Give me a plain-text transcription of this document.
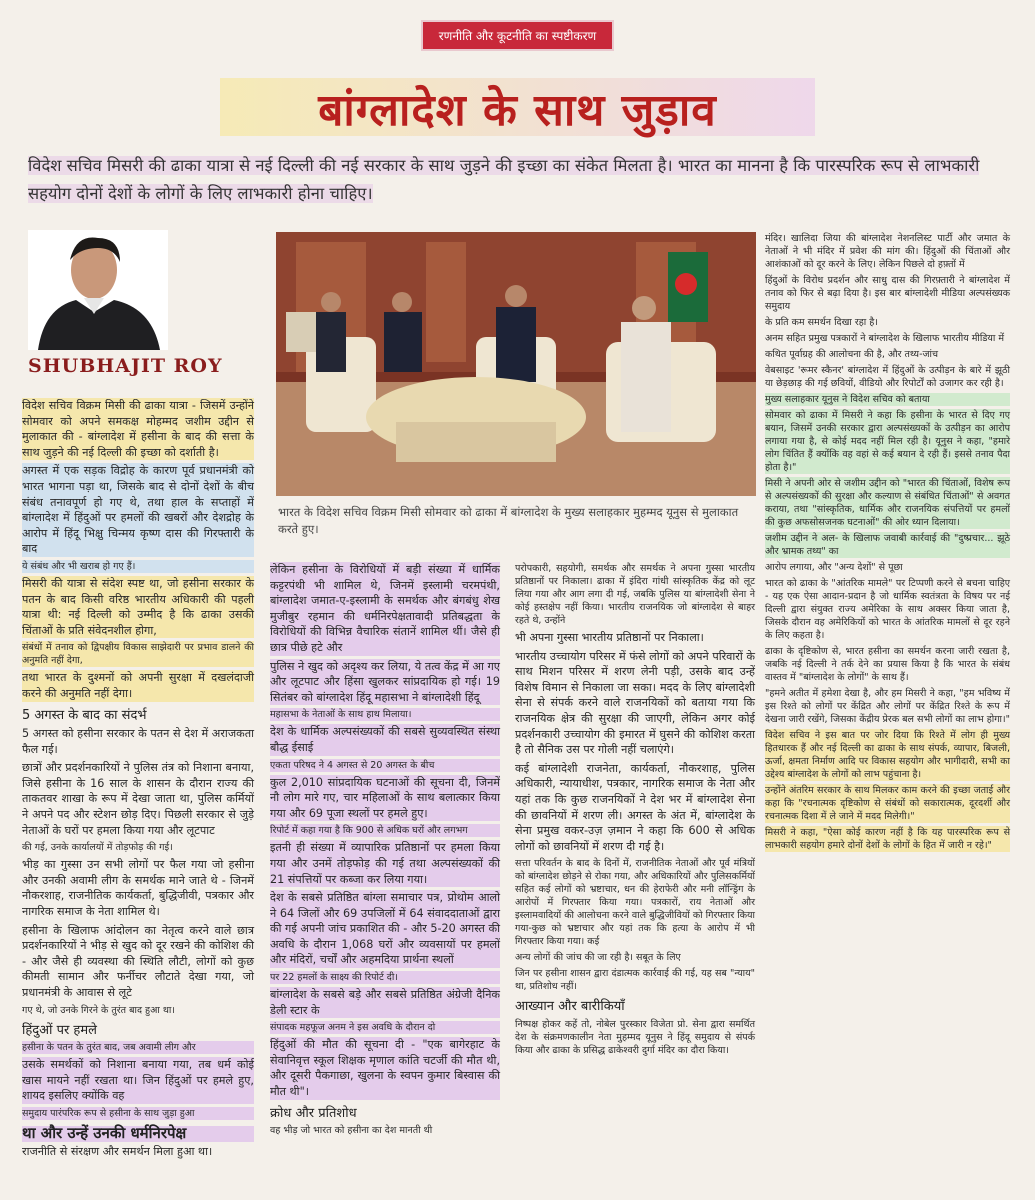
रणनीति और कूटनीति का स्पष्टीकरण
बांग्लादेश के साथ जुड़ाव
विदेश सचिव मिसरी की ढाका यात्रा से नई दिल्ली की नई सरकार के साथ जुड़ने की इच्छा का संकेत मिलता है। भारत का मानना है कि पारस्परिक रूप से लाभकारी सहयोग दोनों देशों के लोगों के लिए लाभकारी होना चाहिए।
SHUBHAJIT ROY
भारत के विदेश सचिव विक्रम मिसी सोमवार को ढाका में बांग्लादेश के मुख्य सलाहकार मुहम्मद यूनुस से मुलाकात करते हुए।

विदेश सचिव विक्रम मिसी की ढाका यात्रा - जिसमें उन्होंने सोमवार को अपने समकक्ष मोहम्मद जशीम उद्दीन से मुलाकात की - बांग्लादेश में हसीना के बाद की सत्ता के साथ जुड़ने की नई दिल्ली की इच्छा को दर्शाती है।

अगस्त में एक सड़क विद्रोह के कारण पूर्व प्रधानमंत्री को भारत भागना पड़ा था, जिसके बाद से दोनों देशों के बीच संबंध तनावपूर्ण हो गए थे, तथा हाल के सप्ताहों में बांग्लादेश में हिंदुओं पर हमलों की खबरों और देशद्रोह के आरोप में हिंदू भिक्षु चिन्मय कृष्ण दास की गिरफ्तारी के बाद

ये संबंध और भी खराब हो गए हैं।

मिसरी की यात्रा से संदेश स्पष्ट था, जो हसीना सरकार के पतन के बाद किसी वरिष्ठ भारतीय अधिकारी की पहली यात्रा थी: नई दिल्ली को उम्मीद है कि ढाका उसकी चिंताओं के प्रति संवेदनशील होगा,

संबंधों में तनाव को द्विपक्षीय विकास साझेदारी पर प्रभाव डालने की अनुमति नहीं देगा,

तथा भारत के दुश्मनों को अपनी सुरक्षा में दखलंदाजी करने की अनुमति नहीं देगा।

5 अगस्त के बाद का संदर्भ

5 अगस्त को हसीना सरकार के पतन से देश में अराजकता फैल गई।

छात्रों और प्रदर्शनकारियों ने पुलिस तंत्र को निशाना बनाया, जिसे हसीना के 16 साल के शासन के दौरान राज्य की ताकतवर शाखा के रूप में देखा जाता था, पुलिस कर्मियों ने अपने पद और स्टेशन छोड़ दिए। पिछली सरकार से जुड़े नेताओं के घरों पर हमला किया गया और लूटपाट

की गई, उनके कार्यालयों में तोड़फोड़ की गई।

भीड़ का गुस्सा उन सभी लोगों पर फैल गया जो हसीना और उनकी अवामी लीग के समर्थक माने जाते थे - जिनमें नौकरशाह, राजनीतिक कार्यकर्ता, बुद्धिजीवी, पत्रकार और नागरिक समाज के नेता शामिल थे।

हसीना के खिलाफ आंदोलन का नेतृत्व करने वाले छात्र प्रदर्शनकारियों ने भीड़ से खुद को दूर रखने की कोशिश की - और जैसे ही व्यवस्था की स्थिति लौटी, लोगों को कुछ कीमती सामान और फर्नीचर लौटाते देखा गया, जो प्रधानमंत्री के आवास से लूटे

गए थे, जो उनके गिरने के तुरंत बाद हुआ था।

हिंदुओं पर हमले

हसीना के पतन के तुरंत बाद, जब अवामी लीग और

उसके समर्थकों को निशाना बनाया गया, तब धर्म कोई खास मायने नहीं रखता था। जिन हिंदुओं पर हमले हुए, शायद इसलिए क्योंकि वह

समुदाय पारंपरिक रूप से हसीना के साथ जुड़ा हुआ

था और उन्हें उनकी धर्मनिरपेक्ष

राजनीति से संरक्षण और समर्थन मिला हुआ था।

लेकिन हसीना के विरोधियों में बड़ी संख्या में धार्मिक कट्टरपंथी भी शामिल थे, जिनमें इस्लामी चरमपंथी, बांग्लादेश जमात-ए-इस्लामी के समर्थक और बंगबंधु शेख मुजीबुर रहमान की धर्मनिरपेक्षतावादी प्रतिबद्धता के विरोधियों की विभिन्न वैचारिक संतानें शामिल थीं। जैसे ही छात्र पीछे हटे और

पुलिस ने खुद को अदृश्य कर लिया, ये तत्व केंद्र में आ गए और लूटपाट और हिंसा खुलकर सांप्रदायिक हो गई। 19 सितंबर को बांग्लादेश हिंदू महासभा ने बांग्लादेशी हिंदू

महासभा के नेताओं के साथ हाथ मिलाया।

देश के धार्मिक अल्पसंख्यकों की सबसे सुव्यवस्थित संस्था बौद्ध ईसाई

एकता परिषद ने 4 अगस्त से 20 अगस्त के बीच

कुल 2,010 सांप्रदायिक घटनाओं की सूचना दी, जिनमें नौ लोग मारे गए, चार महिलाओं के साथ बलात्कार किया गया और 69 पूजा स्थलों पर हमले हुए।

रिपोर्ट में कहा गया है कि 900 से अधिक घरों और लगभग

इतनी ही संख्या में व्यापारिक प्रतिष्ठानों पर हमला किया गया और उनमें तोड़फोड़ की गई तथा अल्पसंख्यकों की 21 संपत्तियों पर कब्जा कर लिया गया।

देश के सबसे प्रतिष्ठित बांग्ला समाचार पत्र, प्रोथोम आलो ने 64 जिलों और 69 उपजिलों में 64 संवाददाताओं द्वारा की गई अपनी जांच प्रकाशित की - और 5-20 अगस्त की अवधि के दौरान 1,068 घरों और व्यवसायों पर हमलों और मंदिरों, चर्चों और अहमदिया प्रार्थना स्थलों

पर 22 हमलों के साक्ष्य की रिपोर्ट दी।

बांग्लादेश के सबसे बड़े और सबसे प्रतिष्ठित अंग्रेजी दैनिक डेली स्टार के

संपादक महफूज अनम ने इस अवधि के दौरान दो

हिंदुओं की मौत की सूचना दी - "एक बागेरहाट के सेवानिवृत्त स्कूल शिक्षक मृणाल कांति चटर्जी की मौत थी, और दूसरी पैकगाछा, खुलना के स्वपन कुमार बिस्वास की मौत थी"।

क्रोध और प्रतिशोध

वह भीड़ जो भारत को हसीना का देश मानती थी

परोपकारी, सहयोगी, समर्थक और समर्थक ने अपना गुस्सा भारतीय प्रतिष्ठानों पर निकाला। ढाका में इंदिरा गांधी सांस्कृतिक केंद्र को लूट लिया गया और आग लगा दी गई, जबकि पुलिस या बांग्लादेशी सेना ने कोई हस्तक्षेप नहीं किया। भारतीय राजनयिक जो बांग्लादेश से बाहर रहते थे, उन्होंने

भी अपना गुस्सा भारतीय प्रतिष्ठानों पर निकाला।

भारतीय उच्चायोग परिसर में फंसे लोगों को अपने परिवारों के साथ मिशन परिसर में शरण लेनी पड़ी, उसके बाद उन्हें विशेष विमान से निकाला जा सका। मदद के लिए बांग्लादेशी सेना से संपर्क करने वाले राजनयिकों को बताया गया कि राजनयिक क्षेत्र की सुरक्षा की जाएगी, लेकिन अगर कोई प्रदर्शनकारी उच्चायोग की इमारत में घुसने की कोशिश करता है तो सैनिक उस पर गोली नहीं चलाएंगे।

कई बांग्लादेशी राजनेता, कार्यकर्ता, नौकरशाह, पुलिस अधिकारी, न्यायाधीश, पत्रकार, नागरिक समाज के नेता और यहां तक कि कुछ राजनयिकों ने देश भर में बांग्लादेश सेना की छावनियों में शरण ली। अगस्त के अंत में, बांग्लादेश के सेना प्रमुख वकर-उज़ ज़मान ने कहा कि 600 से अधिक लोगों को छावनियों में शरण दी गई है।

सत्ता परिवर्तन के बाद के दिनों में, राजनीतिक नेताओं और पूर्व मंत्रियों को बांग्लादेश छोड़ने से रोका गया, और अधिकारियों और पुलिसकर्मियों सहित कई लोगों को भ्रष्टाचार, धन की हेराफेरी और मनी लॉन्ड्रिंग के आरोपों में गिरफ्तार किया गया। पत्रकारों, राय नेताओं और इस्लामवादियों की आलोचना करने वाले बुद्धिजीवियों को गिरफ्तार किया गया-कुछ को भ्रष्टाचार और यहां तक कि हत्या के आरोप में भी गिरफ्तार किया गया। कई

अन्य लोगों की जांच की जा रही है। सबूत के लिए

जिन पर हसीना शासन द्वारा दंडात्मक कार्रवाई की गई, यह सब "न्याय" था, प्रतिशोध नहीं।

आख्यान और बारीकियाँ

निष्पक्ष होकर कहें तो, नोबेल पुरस्कार विजेता प्रो. सेना द्वारा समर्थित देश के संक्रमणकालीन नेता मुहम्मद यूनुस ने हिंदू समुदाय से संपर्क किया और ढाका के प्रसिद्ध ढाकेश्वरी दुर्गा मंदिर का दौरा किया।

मंदिर। खालिदा जिया की बांग्लादेश नेशनलिस्ट पार्टी और जमात के नेताओं ने भी मंदिर में प्रवेश की मांग की। हिंदुओं की चिंताओं और आशंकाओं को दूर करने के लिए। लेकिन पिछले दो हफ़्तों में

हिंदुओं के विरोध प्रदर्शन और साधु दास की गिरफ़्तारी ने बांग्लादेश में तनाव को फिर से बढ़ा दिया है। इस बार बांग्लादेशी मीडिया अल्पसंख्यक समुदाय

के प्रति कम समर्थन दिखा रहा है।

अनम सहित प्रमुख पत्रकारों ने बांग्लादेश के खिलाफ भारतीय मीडिया में

कथित पूर्वाग्रह की आलोचना की है, और तथ्य-जांच

वेबसाइट 'रूमर स्कैनर' बांग्लादेश में हिंदुओं के उत्पीड़न के बारे में झूठी या छेड़छाड़ की गई छवियों, वीडियो और रिपोर्टों को उजागर कर रही है।

मुख्य सलाहकार यूनुस ने विदेश सचिव को बताया

सोमवार को ढाका में मिसरी ने कहा कि हसीना के भारत से दिए गए बयान, जिसमें उनकी सरकार द्वारा अल्पसंख्यकों के उत्पीड़न का आरोप लगाया गया है, से कोई मदद नहीं मिल रही है। यूनुस ने कहा, "हमारे लोग चिंतित हैं क्योंकि वह वहां से कई बयान दे रही हैं। इससे तनाव पैदा होता है।"

मिसी ने अपनी ओर से जशीम उद्दीन को "भारत की चिंताओं, विशेष रूप से अल्पसंख्यकों की सुरक्षा और कल्याण से संबंधित चिंताओं" से अवगत कराया, तथा "सांस्कृतिक, धार्मिक और राजनयिक संपत्तियों पर हमलों की कुछ अफसोसजनक घटनाओं" की ओर ध्यान दिलाया।

जशीम उद्दीन ने अल- के खिलाफ जवाबी कार्रवाई की "दुष्प्रचार... झूठे और भ्रामक तथ्य" का

आरोप लगाया, और "अन्य देशों" से पूछा

भारत को ढाका के "आंतरिक मामले" पर टिप्पणी करने से बचना चाहिए - यह एक ऐसा आदान-प्रदान है जो धार्मिक स्वतंत्रता के विषय पर नई दिल्ली द्वारा संयुक्त राज्य अमेरिका के साथ अक्सर किया जाता है, जिसके दौरान वह अमेरिकियों को भारत के आंतरिक मामलों से दूर रहने के लिए कहता है।

ढाका के दृष्टिकोण से, भारत हसीना का समर्थन करना जारी रखता है, जबकि नई दिल्ली ने तर्क देने का प्रयास किया है कि भारत के संबंध वास्तव में "बांग्लादेश के लोगों" के साथ हैं।

"हमने अतीत में हमेशा देखा है, और हम मिसरी ने कहा, "हम भविष्य में इस रिश्ते को लोगों पर केंद्रित और लोगों पर केंद्रित रिश्ते के रूप में देखना जारी रखेंगे, जिसका केंद्रीय प्रेरक बल सभी लोगों का लाभ होगा।"

विदेश सचिव ने इस बात पर जोर दिया कि रिश्ते में लोग ही मुख्य हितधारक हैं और नई दिल्ली का ढाका के साथ संपर्क, व्यापार, बिजली, ऊर्जा, क्षमता निर्माण आदि पर विकास सहयोग और भागीदारी, सभी का उद्देश्य बांग्लादेश के लोगों को लाभ पहुंचाना है।

उन्होंने अंतरिम सरकार के साथ मिलकर काम करने की इच्छा जताई और कहा कि "रचनात्मक दृष्टिकोण से संबंधों को सकारात्मक, दूरदर्शी और रचनात्मक दिशा में ले जाने में मदद मिलेगी।"

मिसरी ने कहा, "ऐसा कोई कारण नहीं है कि यह पारस्परिक रूप से लाभकारी सहयोग हमारे दोनों देशों के लोगों के हित में जारी न रहे।"
